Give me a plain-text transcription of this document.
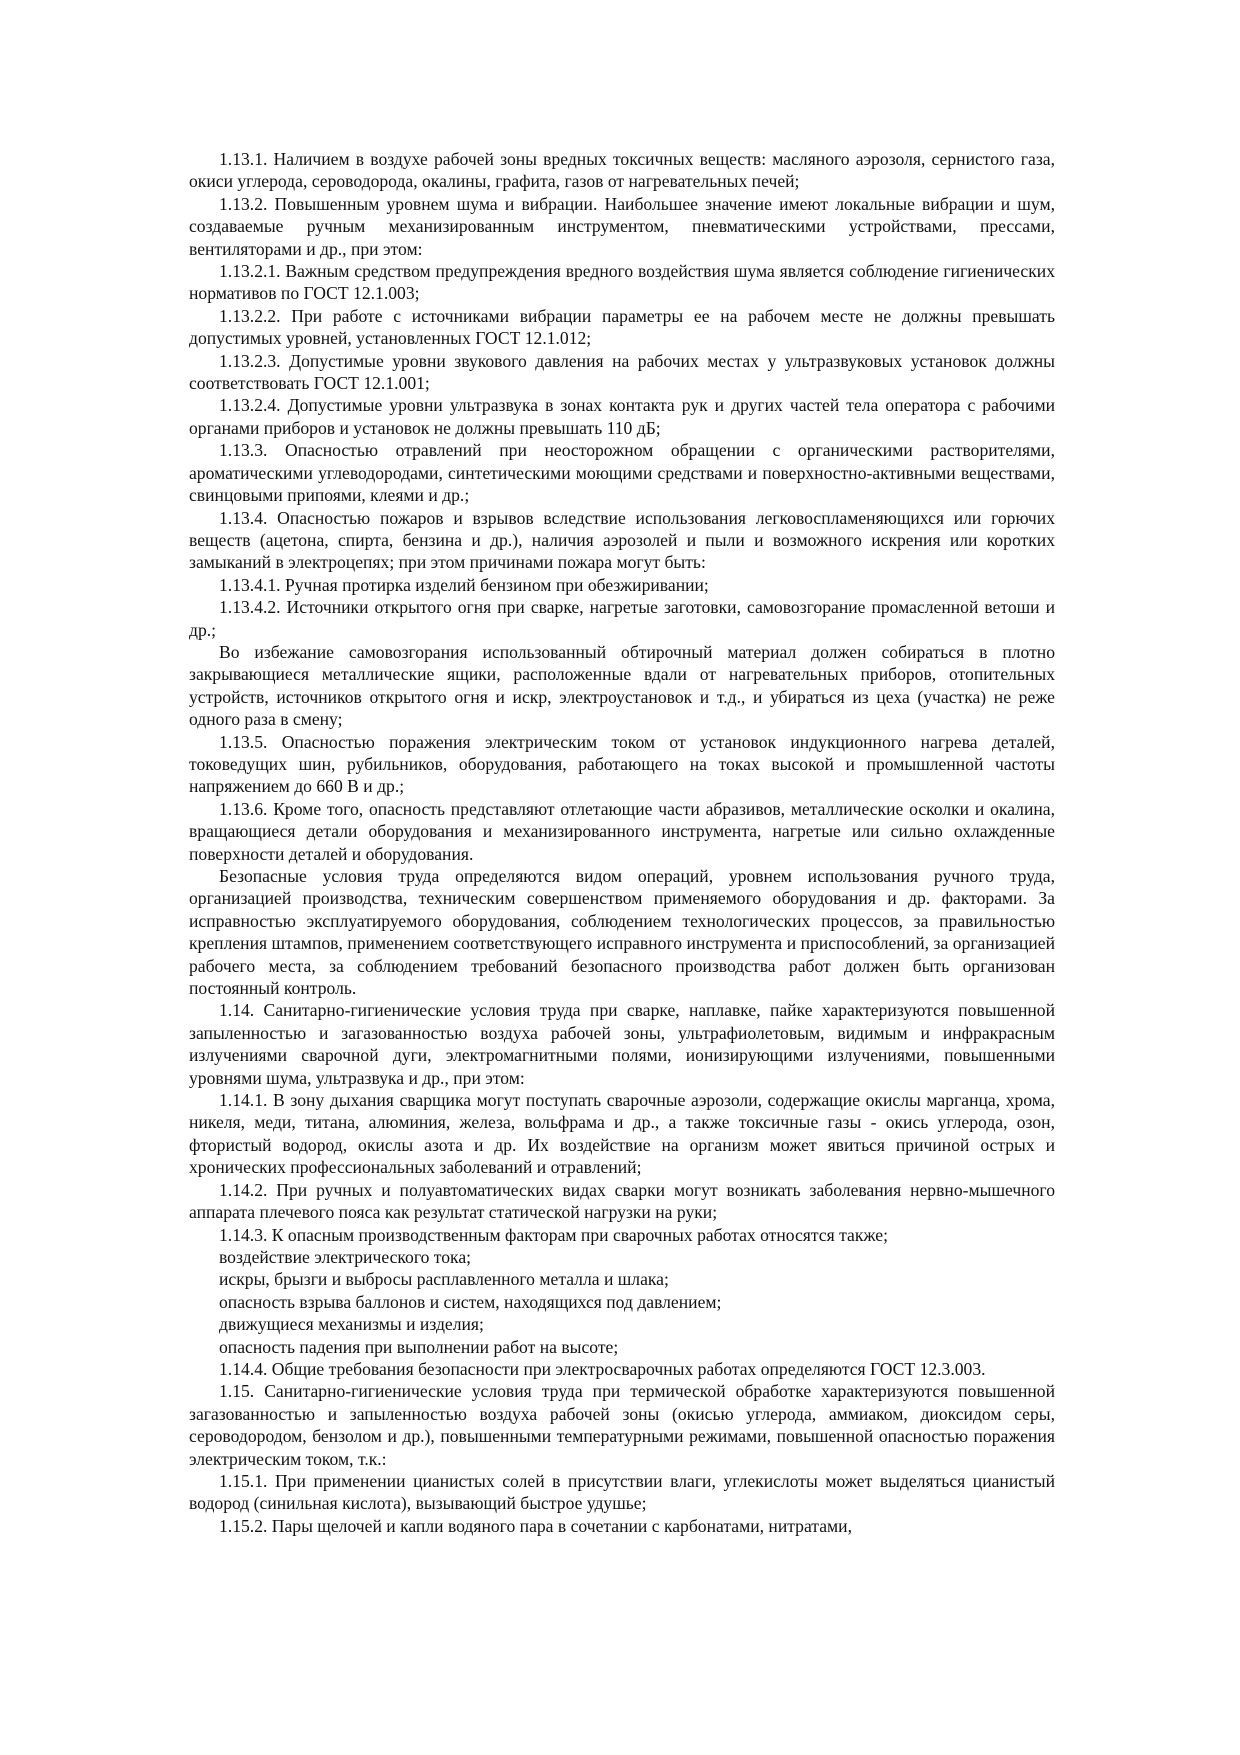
1.13.1. Наличием в воздухе рабочей зоны вредных токсичных веществ: масляного аэрозоля, сернистого газа, окиси углерода, сероводорода, окалины, графита, газов от нагревательных печей;

1.13.2. Повышенным уровнем шума и вибрации. Наибольшее значение имеют локальные вибрации и шум, создаваемые ручным механизированным инструментом, пневматическими устройствами, прессами, вентиляторами и др., при этом:

1.13.2.1. Важным средством предупреждения вредного воздействия шума является соблюдение гигиенических нормативов по ГОСТ 12.1.003;

1.13.2.2. При работе с источниками вибрации параметры ее на рабочем месте не должны превышать допустимых уровней, установленных ГОСТ 12.1.012;

1.13.2.3. Допустимые уровни звукового давления на рабочих местах у ультразвуковых установок должны соответствовать ГОСТ 12.1.001;

1.13.2.4. Допустимые уровни ультразвука в зонах контакта рук и других частей тела оператора с рабочими органами приборов и установок не должны превышать 110 дБ;

1.13.3. Опасностью отравлений при неосторожном обращении с органическими растворителями, ароматическими углеводородами, синтетическими моющими средствами и поверхностно-активными веществами, свинцовыми припоями, клеями и др.;

1.13.4. Опасностью пожаров и взрывов вследствие использования легковоспламеняющихся или горючих веществ (ацетона, спирта, бензина и др.), наличия аэрозолей и пыли и возможного искрения или коротких замыканий в электроцепях; при этом причинами пожара могут быть:

1.13.4.1. Ручная протирка изделий бензином при обезжиривании;

1.13.4.2. Источники открытого огня при сварке, нагретые заготовки, самовозгорание промасленной ветоши и др.;

Во избежание самовозгорания использованный обтирочный материал должен собираться в плотно закрывающиеся металлические ящики, расположенные вдали от нагревательных приборов, отопительных устройств, источников открытого огня и искр, электроустановок и т.д., и убираться из цеха (участка) не реже одного раза в смену;

1.13.5. Опасностью поражения электрическим током от установок индукционного нагрева деталей, токоведущих шин, рубильников, оборудования, работающего на токах высокой и промышленной частоты напряжением до 660 В и др.;

1.13.6. Кроме того, опасность представляют отлетающие части абразивов, металлические осколки и окалина, вращающиеся детали оборудования и механизированного инструмента, нагретые или сильно охлажденные поверхности деталей и оборудования.

Безопасные условия труда определяются видом операций, уровнем использования ручного труда, организацией производства, техническим совершенством применяемого оборудования и др. факторами. За исправностью эксплуатируемого оборудования, соблюдением технологических процессов, за правильностью крепления штампов, применением соответствующего исправного инструмента и приспособлений, за организацией рабочего места, за соблюдением требований безопасного производства работ должен быть организован постоянный контроль.

1.14. Санитарно-гигиенические условия труда при сварке, наплавке, пайке характеризуются повышенной запыленностью и загазованностью воздуха рабочей зоны, ультрафиолетовым, видимым и инфракрасным излучениями сварочной дуги, электромагнитными полями, ионизирующими излучениями, повышенными уровнями шума, ультразвука и др., при этом:

1.14.1. В зону дыхания сварщика могут поступать сварочные аэрозоли, содержащие окислы марганца, хрома, никеля, меди, титана, алюминия, железа, вольфрама и др., а также токсичные газы - окись углерода, озон, фтористый водород, окислы азота и др. Их воздействие на организм может явиться причиной острых и хронических профессиональных заболеваний и отравлений;

1.14.2. При ручных и полуавтоматических видах сварки могут возникать заболевания нервно-мышечного аппарата плечевого пояса как результат статической нагрузки на руки;

1.14.3. К опасным производственным факторам при сварочных работах относятся также;

воздействие электрического тока;

искры, брызги и выбросы расплавленного металла и шлака;

опасность взрыва баллонов и систем, находящихся под давлением;

движущиеся механизмы и изделия;

опасность падения при выполнении работ на высоте;

1.14.4. Общие требования безопасности при электросварочных работах определяются ГОСТ 12.3.003.

1.15. Санитарно-гигиенические условия труда при термической обработке характеризуются повышенной загазованностью и запыленностью воздуха рабочей зоны (окисью углерода, аммиаком, диоксидом серы, сероводородом, бензолом и др.), повышенными температурными режимами, повышенной опасностью поражения электрическим током, т.к.:

1.15.1. При применении цианистых солей в присутствии влаги, углекислоты может выделяться цианистый водород (синильная кислота), вызывающий быстрое удушье;

1.15.2. Пары щелочей и капли водяного пара в сочетании с карбонатами, нитратами,
